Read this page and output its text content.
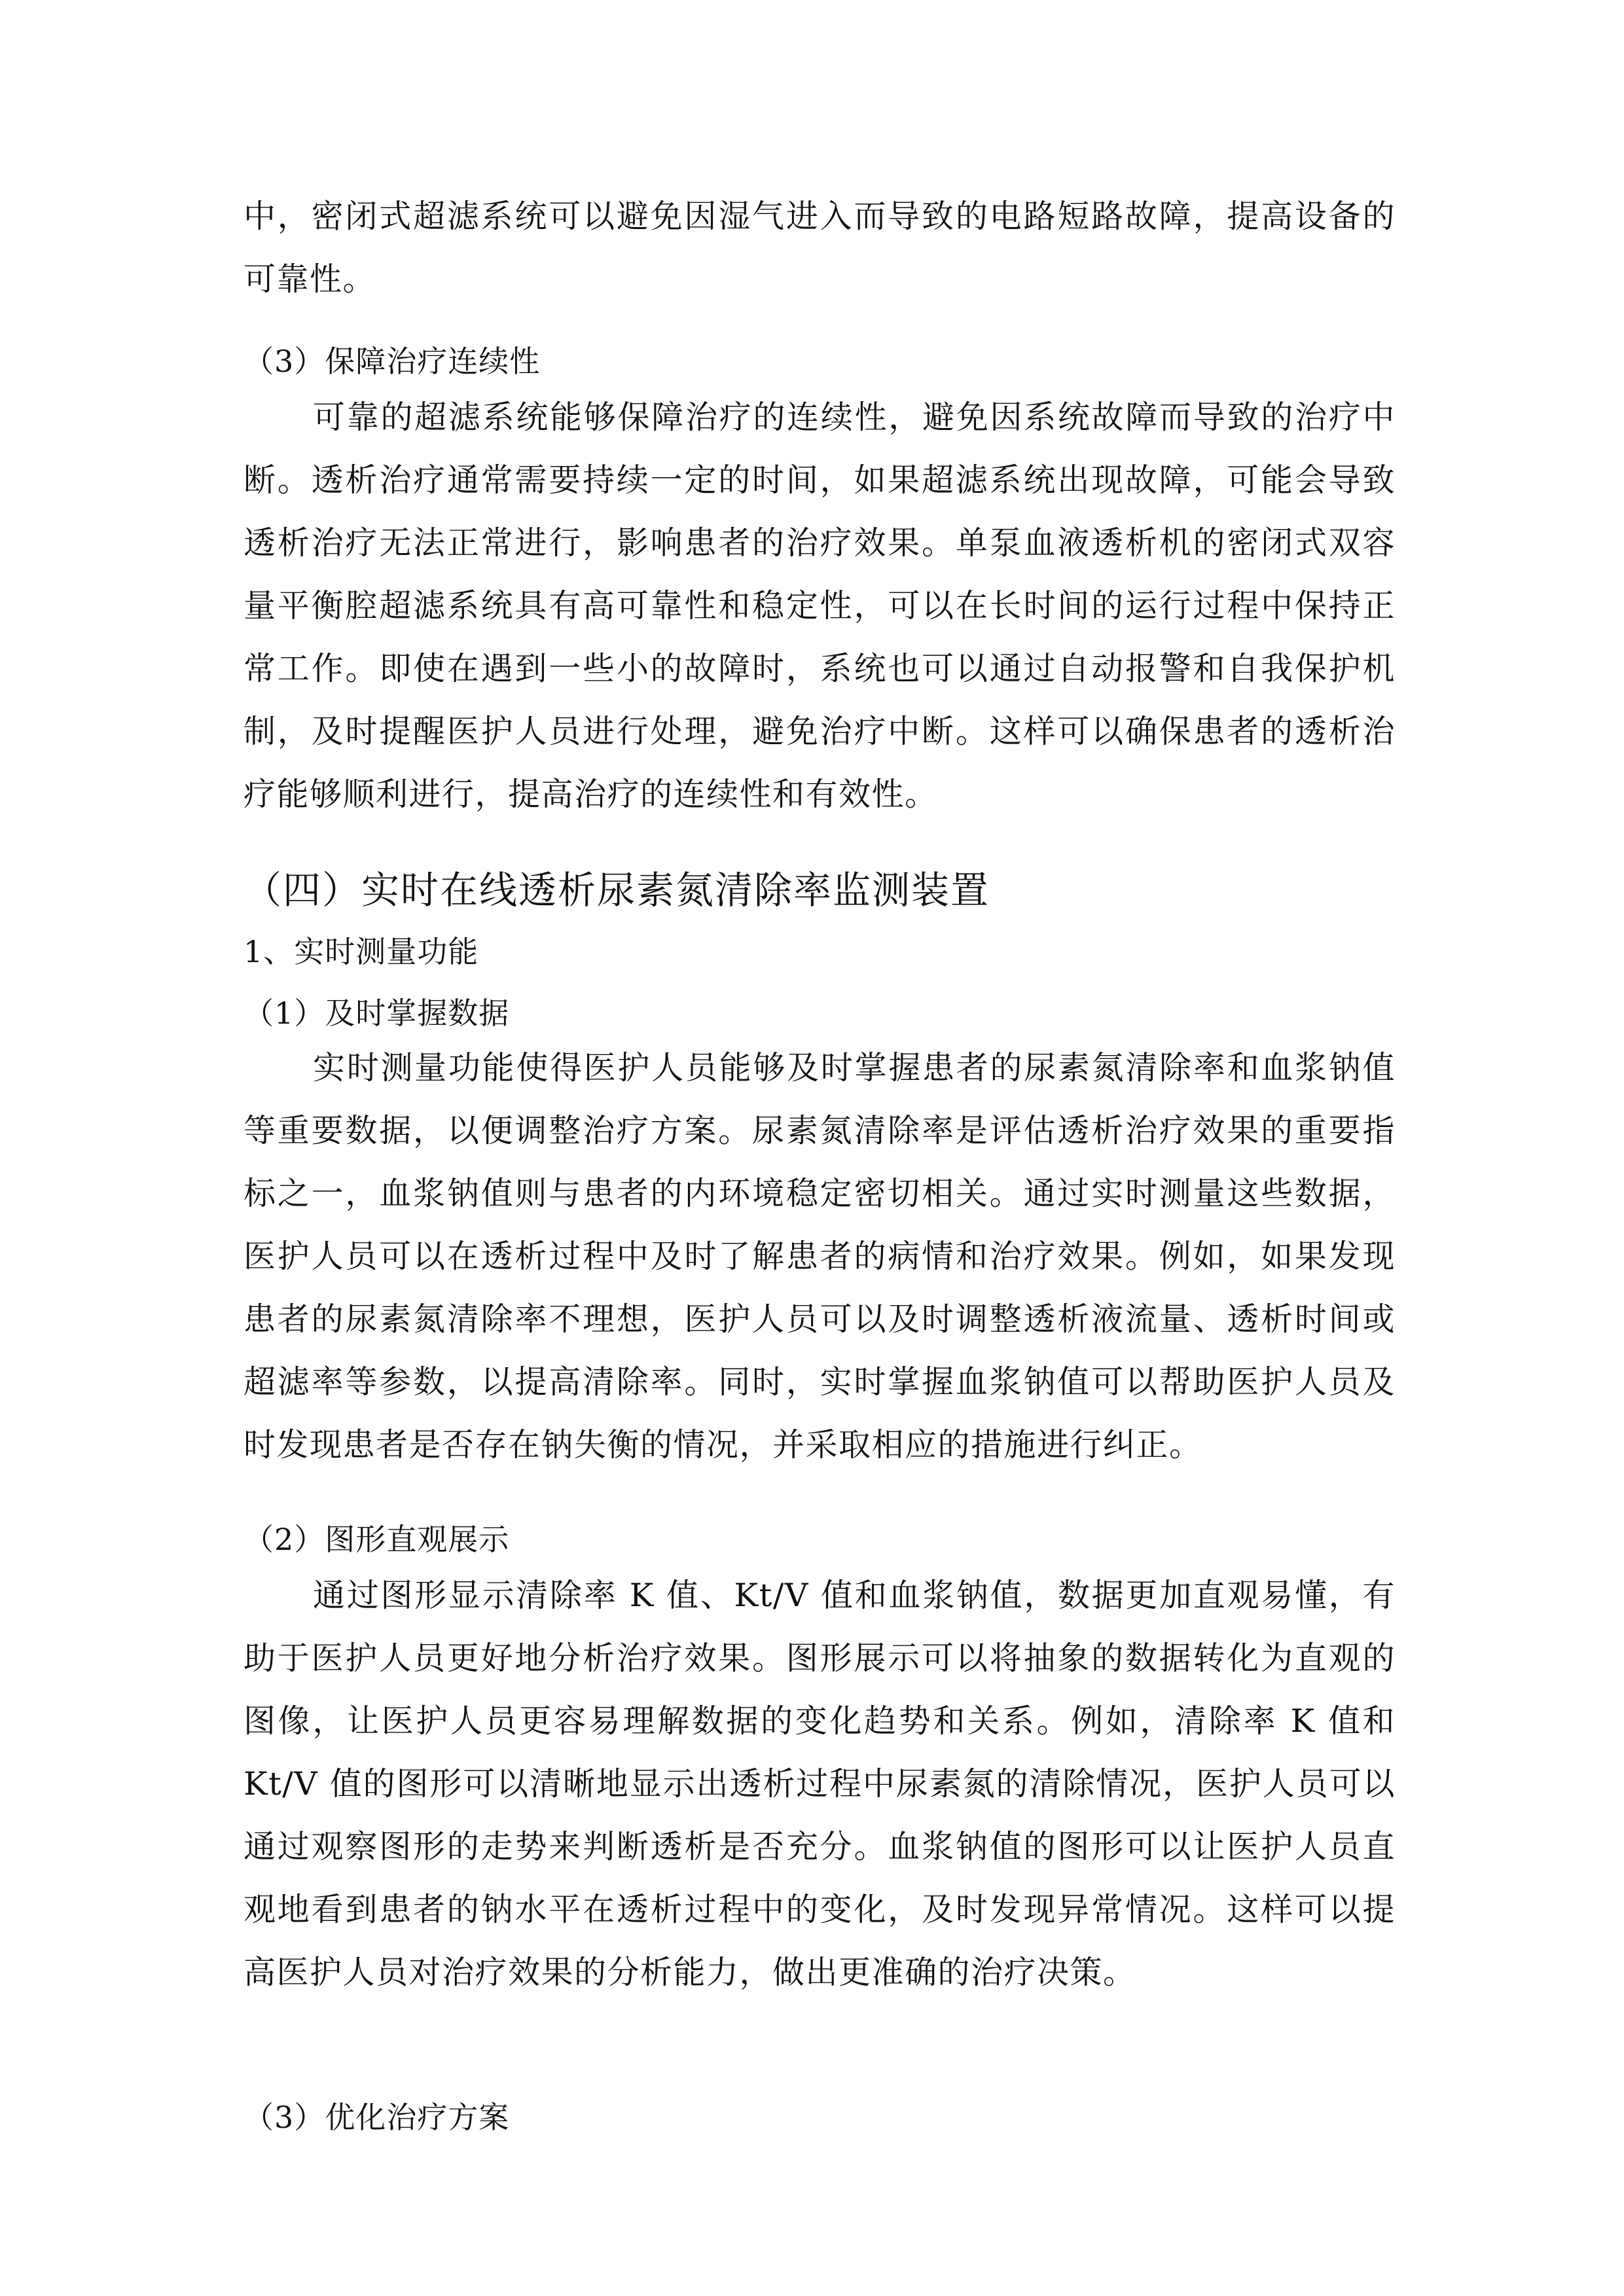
中，密闭式超滤系统可以避免因湿气进入而导致的电路短路故障，提高设备的可靠性。

（3）保障治疗连续性

可靠的超滤系统能够保障治疗的连续性，避免因系统故障而导致的治疗中断。透析治疗通常需要持续一定的时间，如果超滤系统出现故障，可能会导致透析治疗无法正常进行，影响患者的治疗效果。单泵血液透析机的密闭式双容量平衡腔超滤系统具有高可靠性和稳定性，可以在长时间的运行过程中保持正常工作。即使在遇到一些小的故障时，系统也可以通过自动报警和自我保护机制，及时提醒医护人员进行处理，避免治疗中断。这样可以确保患者的透析治疗能够顺利进行，提高治疗的连续性和有效性。

（四）实时在线透析尿素氮清除率监测装置

1、实时测量功能

（1）及时掌握数据

实时测量功能使得医护人员能够及时掌握患者的尿素氮清除率和血浆钠值等重要数据，以便调整治疗方案。尿素氮清除率是评估透析治疗效果的重要指标之一，血浆钠值则与患者的内环境稳定密切相关。通过实时测量这些数据，医护人员可以在透析过程中及时了解患者的病情和治疗效果。例如，如果发现患者的尿素氮清除率不理想，医护人员可以及时调整透析液流量、透析时间或超滤率等参数，以提高清除率。同时，实时掌握血浆钠值可以帮助医护人员及时发现患者是否存在钠失衡的情况，并采取相应的措施进行纠正。

（2）图形直观展示

通过图形显示清除率 K 值、Kt/V 值和血浆钠值，数据更加直观易懂，有助于医护人员更好地分析治疗效果。图形展示可以将抽象的数据转化为直观的图像，让医护人员更容易理解数据的变化趋势和关系。例如，清除率 K 值和 Kt/V 值的图形可以清晰地显示出透析过程中尿素氮的清除情况，医护人员可以通过观察图形的走势来判断透析是否充分。血浆钠值的图形可以让医护人员直观地看到患者的钠水平在透析过程中的变化，及时发现异常情况。这样可以提高医护人员对治疗效果的分析能力，做出更准确的治疗决策。

（3）优化治疗方案
